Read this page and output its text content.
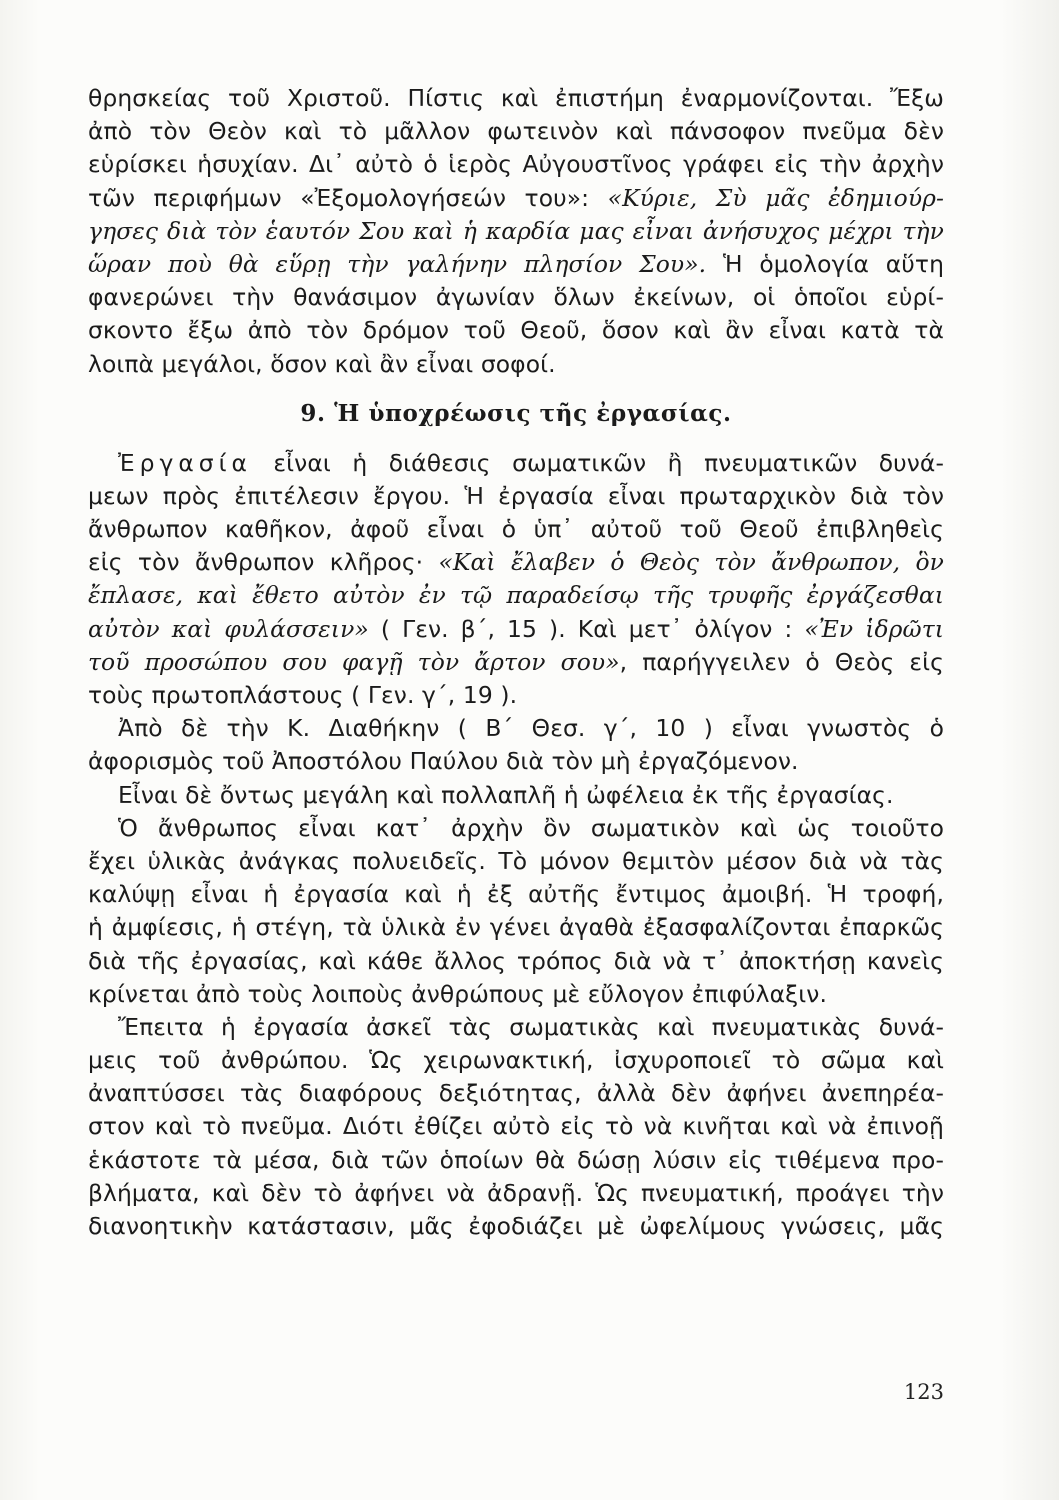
θρησκείας τοῦ Χριστοῦ. Πίστις καὶ ἐπιστήμη ἐναρμονίζονται. Ἔξω
ἀπὸ τὸν Θεὸν καὶ τὸ μᾶλλον φωτεινὸν καὶ πάνσοφον πνεῦμα δὲν
εὑρίσκει ἡσυχίαν. Δι᾽ αὐτὸ ὁ ἱερὸς Αὐγουστῖνος γράφει εἰς τὴν ἀρχὴν
τῶν περιφήμων «Ἐξομολογήσεών του»: «Κύριε, Σὺ μᾶς ἐδημιούρ-
γησες διὰ τὸν ἑαυτόν Σου καὶ ἡ καρδία μας εἶναι ἀνήσυχος μέχρι τὴν
ὥραν ποὺ θὰ εὕρῃ τὴν γαλήνην πλησίον Σου». Ἡ ὁμολογία αὕτη
φανερώνει τὴν θανάσιμον ἀγωνίαν ὅλων ἐκείνων, οἱ ὁποῖοι εὑρί-
σκοντο ἔξω ἀπὸ τὸν δρόμον τοῦ Θεοῦ, ὅσον καὶ ἂν εἶναι κατὰ τὰ
λοιπὰ μεγάλοι, ὅσον καὶ ἂν εἶναι σοφοί.
9. Ἡ ὑποχρέωσις τῆς ἐργασίας.
Ἐργασία εἶναι ἡ διάθεσις σωματικῶν ἢ πνευματικῶν δυνά-
μεων πρὸς ἐπιτέλεσιν ἔργου. Ἡ ἐργασία εἶναι πρωταρχικὸν διὰ τὸν
ἄνθρωπον καθῆκον, ἀφοῦ εἶναι ὁ ὑπ᾽ αὐτοῦ τοῦ Θεοῦ ἐπιβληθεὶς
εἰς τὸν ἄνθρωπον κλῆρος· «Καὶ ἔλαβεν ὁ Θεὸς τὸν ἄνθρωπον, ὃν
ἔπλασε, καὶ ἔθετο αὐτὸν ἐν τῷ παραδείσῳ τῆς τρυφῆς ἐργάζεσθαι
αὐτὸν καὶ φυλάσσειν» ( Γεν. β΄, 15 ). Καὶ μετ᾽ ὀλίγον : «Ἐν ἱδρῶτι
τοῦ προσώπου σου φαγῇ τὸν ἄρτον σου», παρήγγειλεν ὁ Θεὸς εἰς
τοὺς πρωτοπλάστους ( Γεν. γ΄, 19 ).
Ἀπὸ δὲ τὴν Κ. Διαθήκην ( Β΄ Θεσ. γ΄, 10 ) εἶναι γνωστὸς ὁ
ἀφορισμὸς τοῦ Ἀποστόλου Παύλου διὰ τὸν μὴ ἐργαζόμενον.
Εἶναι δὲ ὄντως μεγάλη καὶ πολλαπλῆ ἡ ὠφέλεια ἐκ τῆς ἐργασίας.
Ὁ ἄνθρωπος εἶναι κατ᾽ ἀρχὴν ὂν σωματικὸν καὶ ὡς τοιοῦτο
ἔχει ὑλικὰς ἀνάγκας πολυειδεῖς. Τὸ μόνον θεμιτὸν μέσον διὰ νὰ τὰς
καλύψῃ εἶναι ἡ ἐργασία καὶ ἡ ἐξ αὐτῆς ἔντιμος ἀμοιβή. Ἡ τροφή,
ἡ ἀμφίεσις, ἡ στέγη, τὰ ὑλικὰ ἐν γένει ἀγαθὰ ἐξασφαλίζονται ἐπαρκῶς
διὰ τῆς ἐργασίας, καὶ κάθε ἄλλος τρόπος διὰ νὰ τ᾽ ἀποκτήσῃ κανεὶς
κρίνεται ἀπὸ τοὺς λοιποὺς ἀνθρώπους μὲ εὔλογον ἐπιφύλαξιν.
Ἔπειτα ἡ ἐργασία ἀσκεῖ τὰς σωματικὰς καὶ πνευματικὰς δυνά-
μεις τοῦ ἀνθρώπου. Ὡς χειρωνακτική, ἰσχυροποιεῖ τὸ σῶμα καὶ
ἀναπτύσσει τὰς διαφόρους δεξιότητας, ἀλλὰ δὲν ἀφήνει ἀνεπηρέα-
στον καὶ τὸ πνεῦμα. Διότι ἐθίζει αὐτὸ εἰς τὸ νὰ κινῆται καὶ νὰ ἐπινοῇ
ἑκάστοτε τὰ μέσα, διὰ τῶν ὁποίων θὰ δώσῃ λύσιν εἰς τιθέμενα προ-
βλήματα, καὶ δὲν τὸ ἀφήνει νὰ ἀδρανῇ. Ὡς πνευματική, προάγει τὴν
διανοητικὴν κατάστασιν, μᾶς ἐφοδιάζει μὲ ὠφελίμους γνώσεις, μᾶς
123
